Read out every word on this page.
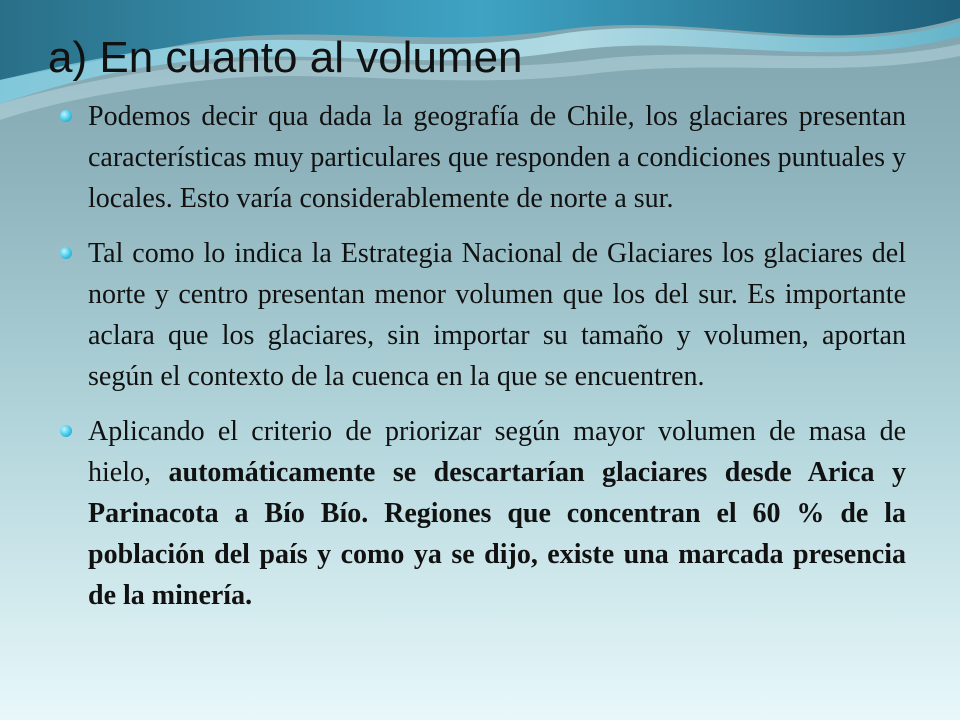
a) En cuanto al volumen
Podemos decir qua dada la geografía de Chile, los glaciares presentan características muy particulares que responden a condiciones puntuales y locales. Esto varía considerablemente de norte a sur.
Tal como lo indica la Estrategia Nacional de Glaciares los glaciares del norte y centro presentan menor volumen que los del sur. Es importante aclara que los glaciares, sin importar su tamaño y volumen, aportan según el contexto de la cuenca en la que se encuentren.
Aplicando el criterio de priorizar según mayor volumen de masa de hielo, automáticamente se descartarían glaciares desde Arica y Parinacota a Bío Bío. Regiones que concentran el 60 % de la población del país y como ya se dijo, existe una marcada presencia de la minería.
